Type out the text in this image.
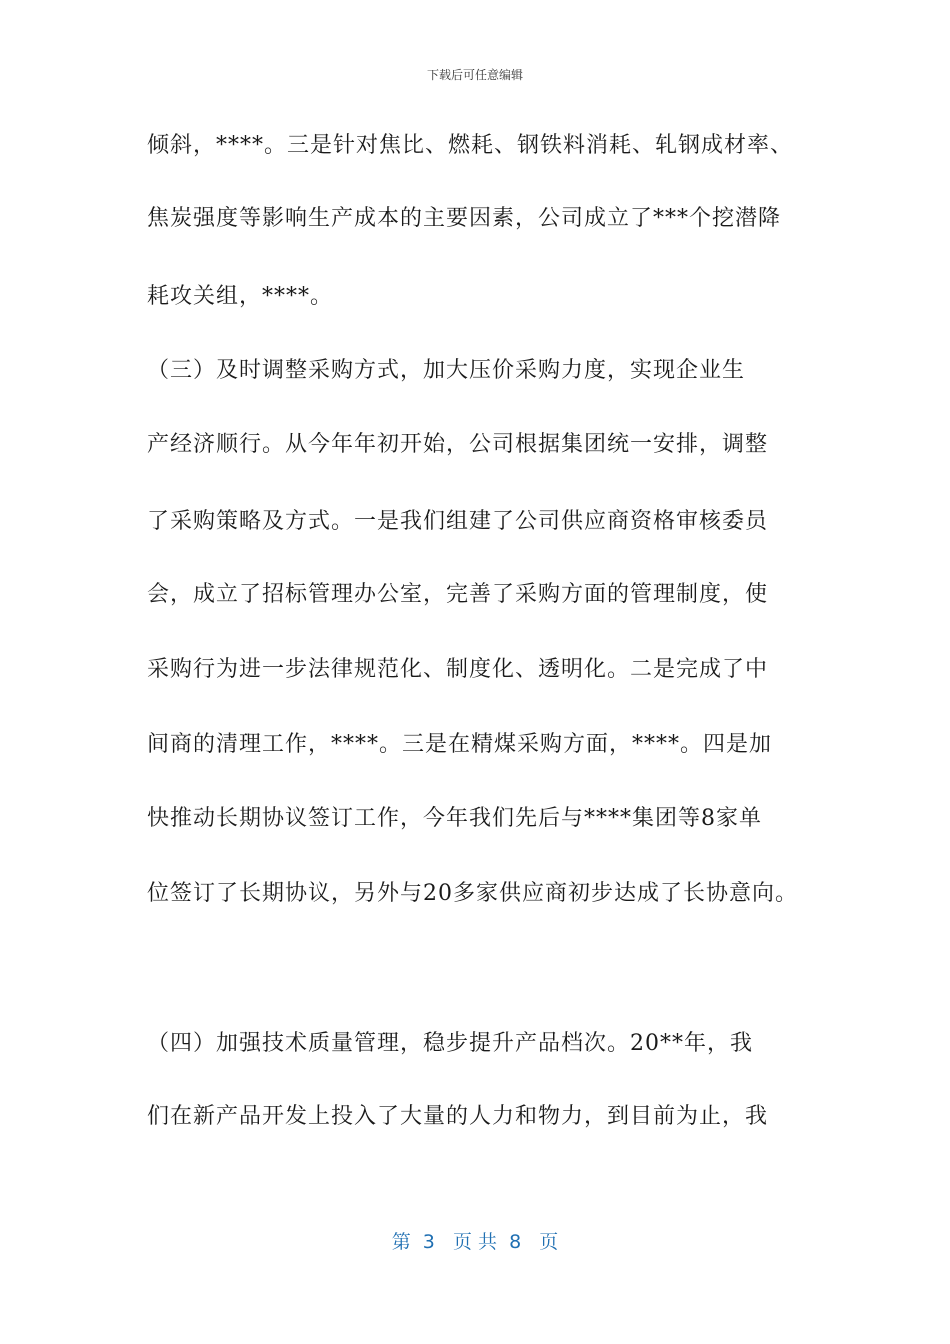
下载后可任意编辑
倾斜，****。三是针对焦比、燃耗、钢铁料消耗、轧钢成材率、
焦炭强度等影响生产成本的主要因素，公司成立了***个挖潜降
耗攻关组，****。
（三）及时调整采购方式，加大压价采购力度，实现企业生
产经济顺行。从今年年初开始，公司根据集团统一安排，调整
了采购策略及方式。一是我们组建了公司供应商资格审核委员
会，成立了招标管理办公室，完善了采购方面的管理制度，使
采购行为进一步法律规范化、制度化、透明化。二是完成了中
间商的清理工作，****。三是在精煤采购方面，****。四是加
快推动长期协议签订工作，今年我们先后与****集团等8家单
位签订了长期协议，另外与20多家供应商初步达成了长协意向。
（四）加强技术质量管理，稳步提升产品档次。20**年，我
们在新产品开发上投入了大量的人力和物力，到目前为止，我
第  3   页 共  8   页
